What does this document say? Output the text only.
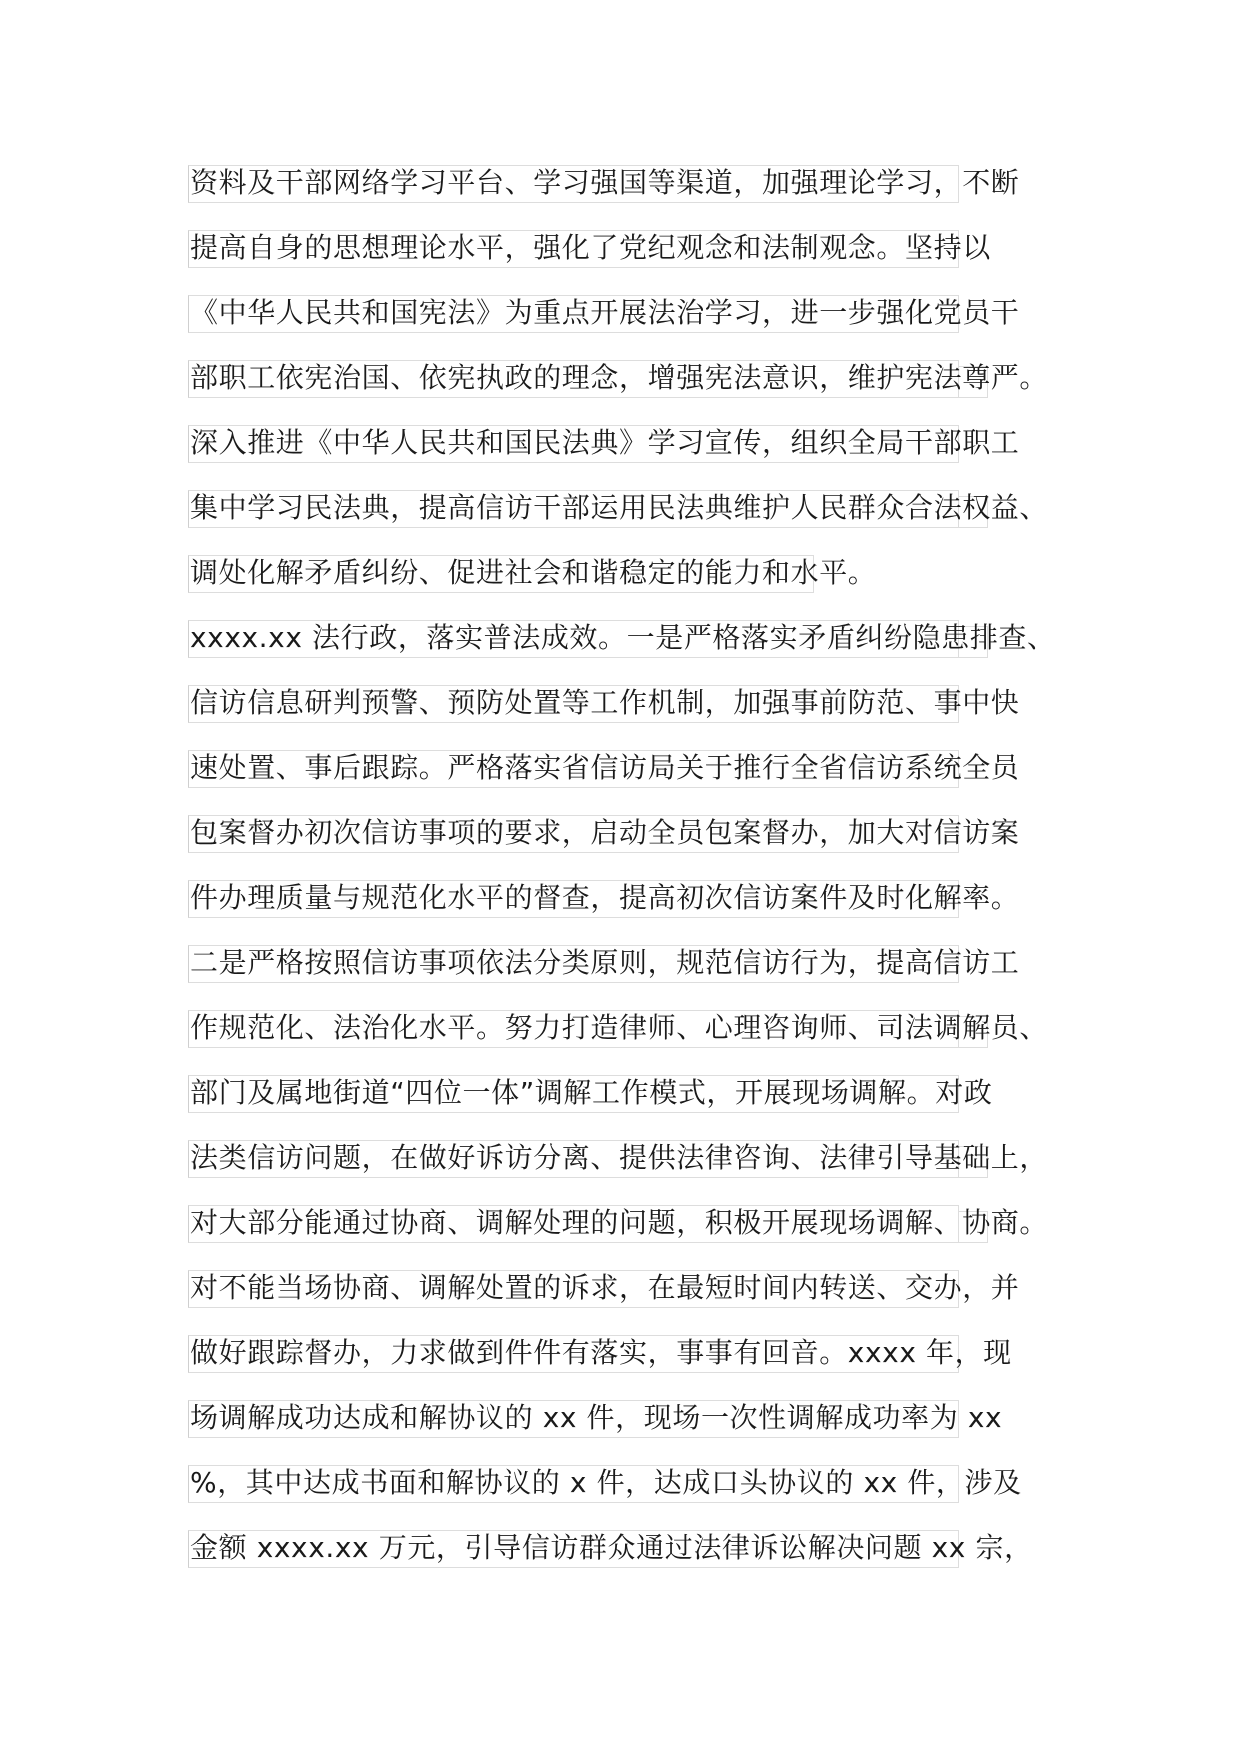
资料及干部网络学习平台、学习强国等渠道，加强理论学习，不断
提高自身的思想理论水平，强化了党纪观念和法制观念。坚持以
《中华人民共和国宪法》为重点开展法治学习，进一步强化党员干
部职工依宪治国、依宪执政的理念，增强宪法意识，维护宪法尊严。
深入推进《中华人民共和国民法典》学习宣传，组织全局干部职工
集中学习民法典，提高信访干部运用民法典维护人民群众合法权益、
调处化解矛盾纠纷、促进社会和谐稳定的能力和水平。
xxxx.xx 法行政，落实普法成效。一是严格落实矛盾纠纷隐患排查、
信访信息研判预警、预防处置等工作机制，加强事前防范、事中快
速处置、事后跟踪。严格落实省信访局关于推行全省信访系统全员
包案督办初次信访事项的要求，启动全员包案督办，加大对信访案
件办理质量与规范化水平的督查，提高初次信访案件及时化解率。
二是严格按照信访事项依法分类原则，规范信访行为，提高信访工
作规范化、法治化水平。努力打造律师、心理咨询师、司法调解员、
部门及属地街道“四位一体”调解工作模式，开展现场调解。对政
法类信访问题，在做好诉访分离、提供法律咨询、法律引导基础上，
对大部分能通过协商、调解处理的问题，积极开展现场调解、协商。
对不能当场协商、调解处置的诉求，在最短时间内转送、交办，并
做好跟踪督办，力求做到件件有落实，事事有回音。xxxx 年，现
场调解成功达成和解协议的 xx 件，现场一次性调解成功率为 xx
%，其中达成书面和解协议的 x 件，达成口头协议的 xx 件，涉及
金额 xxxx.xx 万元，引导信访群众通过法律诉讼解决问题 xx 宗，
